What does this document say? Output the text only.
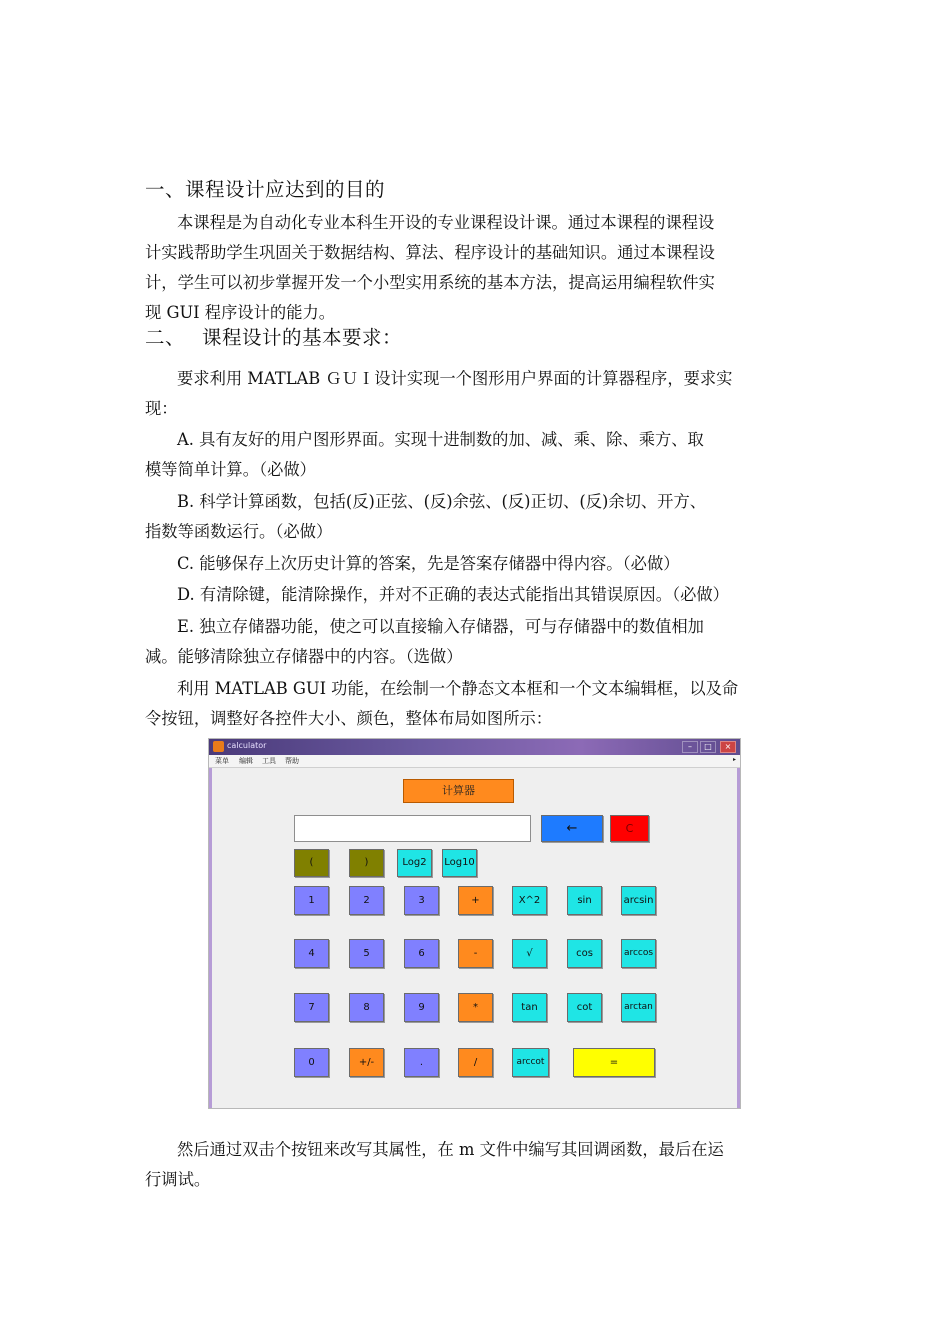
一、课程设计应达到的目的
本课程是为自动化专业本科生开设的专业课程设计课。通过本课程的课程设
计实践帮助学生巩固关于数据结构、算法、程序设计的基础知识。通过本课程设
计，学生可以初步掌握开发一个小型实用系统的基本方法，提高运用编程软件实
现 GUI 程序设计的能力。
二、 课程设计的基本要求：
要求利用 MATLAB ＧＵＩ设计实现一个图形用户界面的计算器程序，要求实
现：
A. 具有友好的用户图形界面。实现十进制数的加、减、乘、除、乘方、取
模等简单计算。（必做）
B. 科学计算函数，包括(反)正弦、(反)余弦、(反)正切、(反)余切、开方、
指数等函数运行。（必做）
C. 能够保存上次历史计算的答案，先是答案存储器中得内容。（必做）
D. 有清除键，能清除操作，并对不正确的表达式能指出其错误原因。（必做）
E. 独立存储器功能，使之可以直接输入存储器，可与存储器中的数值相加
减。能够清除独立存储器中的内容。（选做）
利用 MATLAB GUI 功能，在绘制一个静态文本框和一个文本编辑框，以及命
令按钮，调整好各控件大小、颜色，整体布局如图所示：
calculator	–	□	×
菜单 编辑 工具 帮助	▸
计算器
←	C
(	)	Log2	Log10
1	2	3	+	X^2	sin	arcsin
4	5	6	-	√	cos	arccos
7	8	9	*	tan	cot	arctan
0	+/-	.	/	arccot	=
然后通过双击个按钮来改写其属性，在 m 文件中编写其回调函数，最后在运
行调试。
